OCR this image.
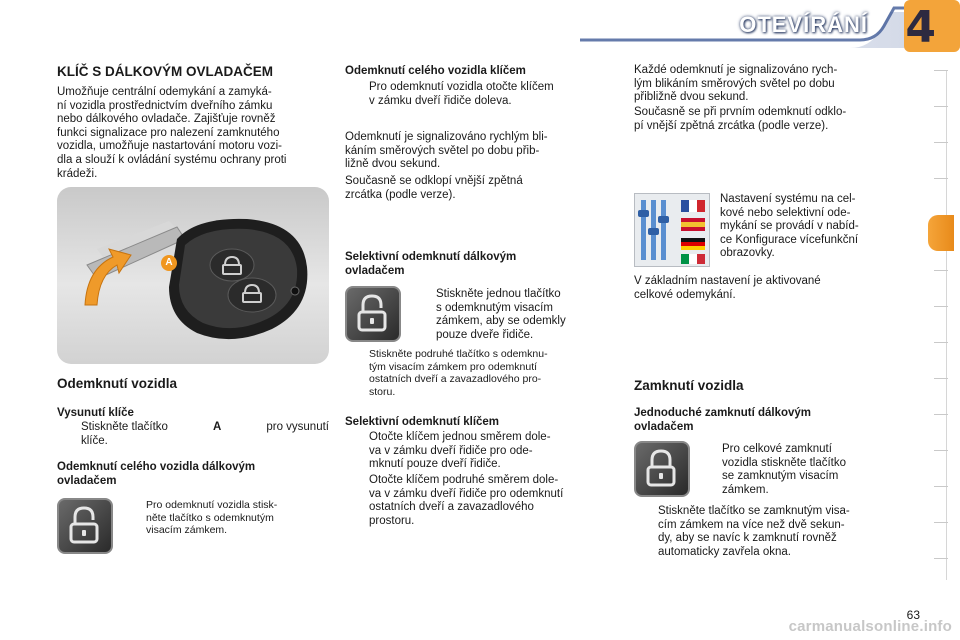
OTEVÍRÁNÍ 4
KLÍČ S DÁLKOVÝM OVLADAČEM
Umožňuje centrální odemykání a zamyká-
ní vozidla prostřednictvím dveřního zámku
nebo dálkového ovladače. Zajišťuje rovněž
funkci signalizace pro nalezení zamknutého
vozidla, umožňuje nastartování motoru vozi-
dla a slouží k ovládání systému ochrany proti
krádeži.
A
Odemknutí vozidla
Vysunutí klíče
Stiskněte tlačítko	A	pro vysunutí
klíče.
Odemknutí celého vozidla dálkovým
ovladačem
Pro odemknutí vozidla stisk-
něte tlačítko s odemknutým
visacím zámkem.
Odemknutí celého vozidla klíčem
Pro odemknutí vozidla otočte klíčem
v zámku dveří řidiče doleva.
Odemknutí je signalizováno rychlým bli-
káním směrových světel po dobu přib-
ližně dvou sekund.
Současně se odklopí vnější zpětná
zrcátka (podle verze).
Selektivní odemknutí dálkovým
ovladačem
Stiskněte jednou tlačítko
s odemknutým visacím
zámkem, aby se odemkly
pouze dveře řidiče.
Stiskněte podruhé tlačítko s odemknu-
tým visacím zámkem pro odemknutí
ostatních dveří a zavazadlového pro-
storu.
Selektivní odemknutí klíčem
Otočte klíčem jednou směrem dole-
va v zámku dveří řidiče pro ode-
mknutí pouze dveří řidiče.
Otočte klíčem podruhé směrem dole-
va v zámku dveří řidiče pro odemknutí
ostatních dveří a zavazadlového
prostoru.
Každé odemknutí je signalizováno rych-
lým blikáním směrových světel po dobu
přibližně dvou sekund.
Současně se při prvním odemknutí odklo-
pí vnější zpětná zrcátka (podle verze).
Nastavení systému na cel-
kové nebo selektivní ode-
mykání se provádí v nabíd-
ce Konfigurace vícefunkční
obrazovky.
V základním nastavení je aktivované
celkové odemykání.
Zamknutí vozidla
Jednoduché zamknutí dálkovým
ovladačem
Pro celkové zamknutí
vozidla stiskněte tlačítko
se zamknutým visacím
zámkem.
Stiskněte tlačítko se zamknutým visa-
cím zámkem na více než dvě sekun-
dy, aby se navíc k zamknutí rovněž
automaticky zavřela okna.
63
carmanualsonline.info
